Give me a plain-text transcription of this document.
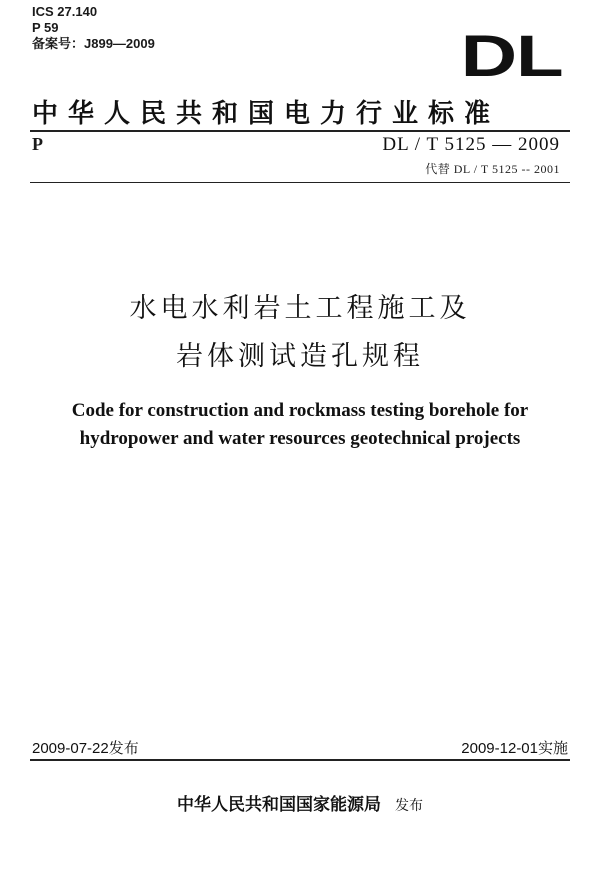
ICS 27.140
P 59
备案号：J899—2009	DL
中华人民共和国电力行业标准
P	DL / T 5125 — 2009
代替 DL / T 5125 -- 2001
水电水利岩土工程施工及
岩体测试造孔规程
Code for construction and rockmass testing borehole for
hydropower and water resources geotechnical projects
2009-07-22发布	2009-12-01实施
中华人民共和国国家能源局 发布
